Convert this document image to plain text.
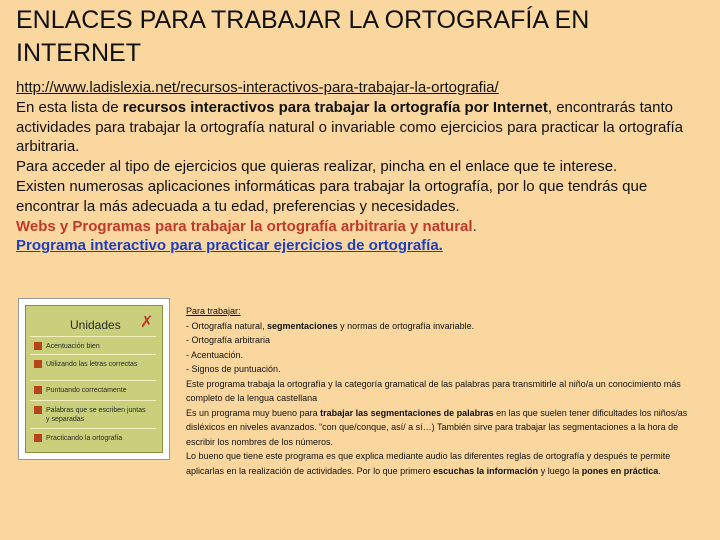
ENLACES PARA TRABAJAR LA ORTOGRAFÍA EN INTERNET

http://www.ladislexia.net/recursos-interactivos-para-trabajar-la-ortografia/

En esta lista de recursos interactivos para trabajar la ortografía por Internet, encontrarás tanto actividades para trabajar la ortografía natural o invariable como ejercicios para practicar la ortografía arbitraria.

Para acceder al tipo de ejercicios que quieras realizar, pincha en el enlace que te interese.

Existen numerosas aplicaciones informáticas para trabajar la ortografía, por lo que tendrás que encontrar la más adecuada a tu edad, preferencias y necesidades.

Webs y Programas para trabajar la ortografía arbitraria y natural.

Programa interactivo para practicar ejercicios de ortografía.

Unidades ✗
Acentuación bien
Utilizando las letras correctas
Puntuando correctamente
Palabras que se escriben juntas y separadas
Practicando la ortografía

Para trabajar:

- Ortografía natural, segmentaciones y normas de ortografía invariable.

- Ortografía arbitraria

- Acentuación.

- Signos de puntuación.

Este programa trabaja la ortografía y la categoría gramatical de las palabras para transmitirle al niño/a un conocimiento más completo de la lengua castellana

Es un programa muy bueno para trabajar las segmentaciones de palabras en las que suelen tener dificultades los niños/as disléxicos en niveles avanzados. “con que/conque, así/ a sí…) También sirve para trabajar las segmentaciones a la hora de escribir los nombres de los números.

Lo bueno que tiene este programa es que explica mediante audio las diferentes reglas de ortografía y después te permite aplicarlas en la realización de actividades. Por lo que primero escuchas la información y luego la pones en práctica.
